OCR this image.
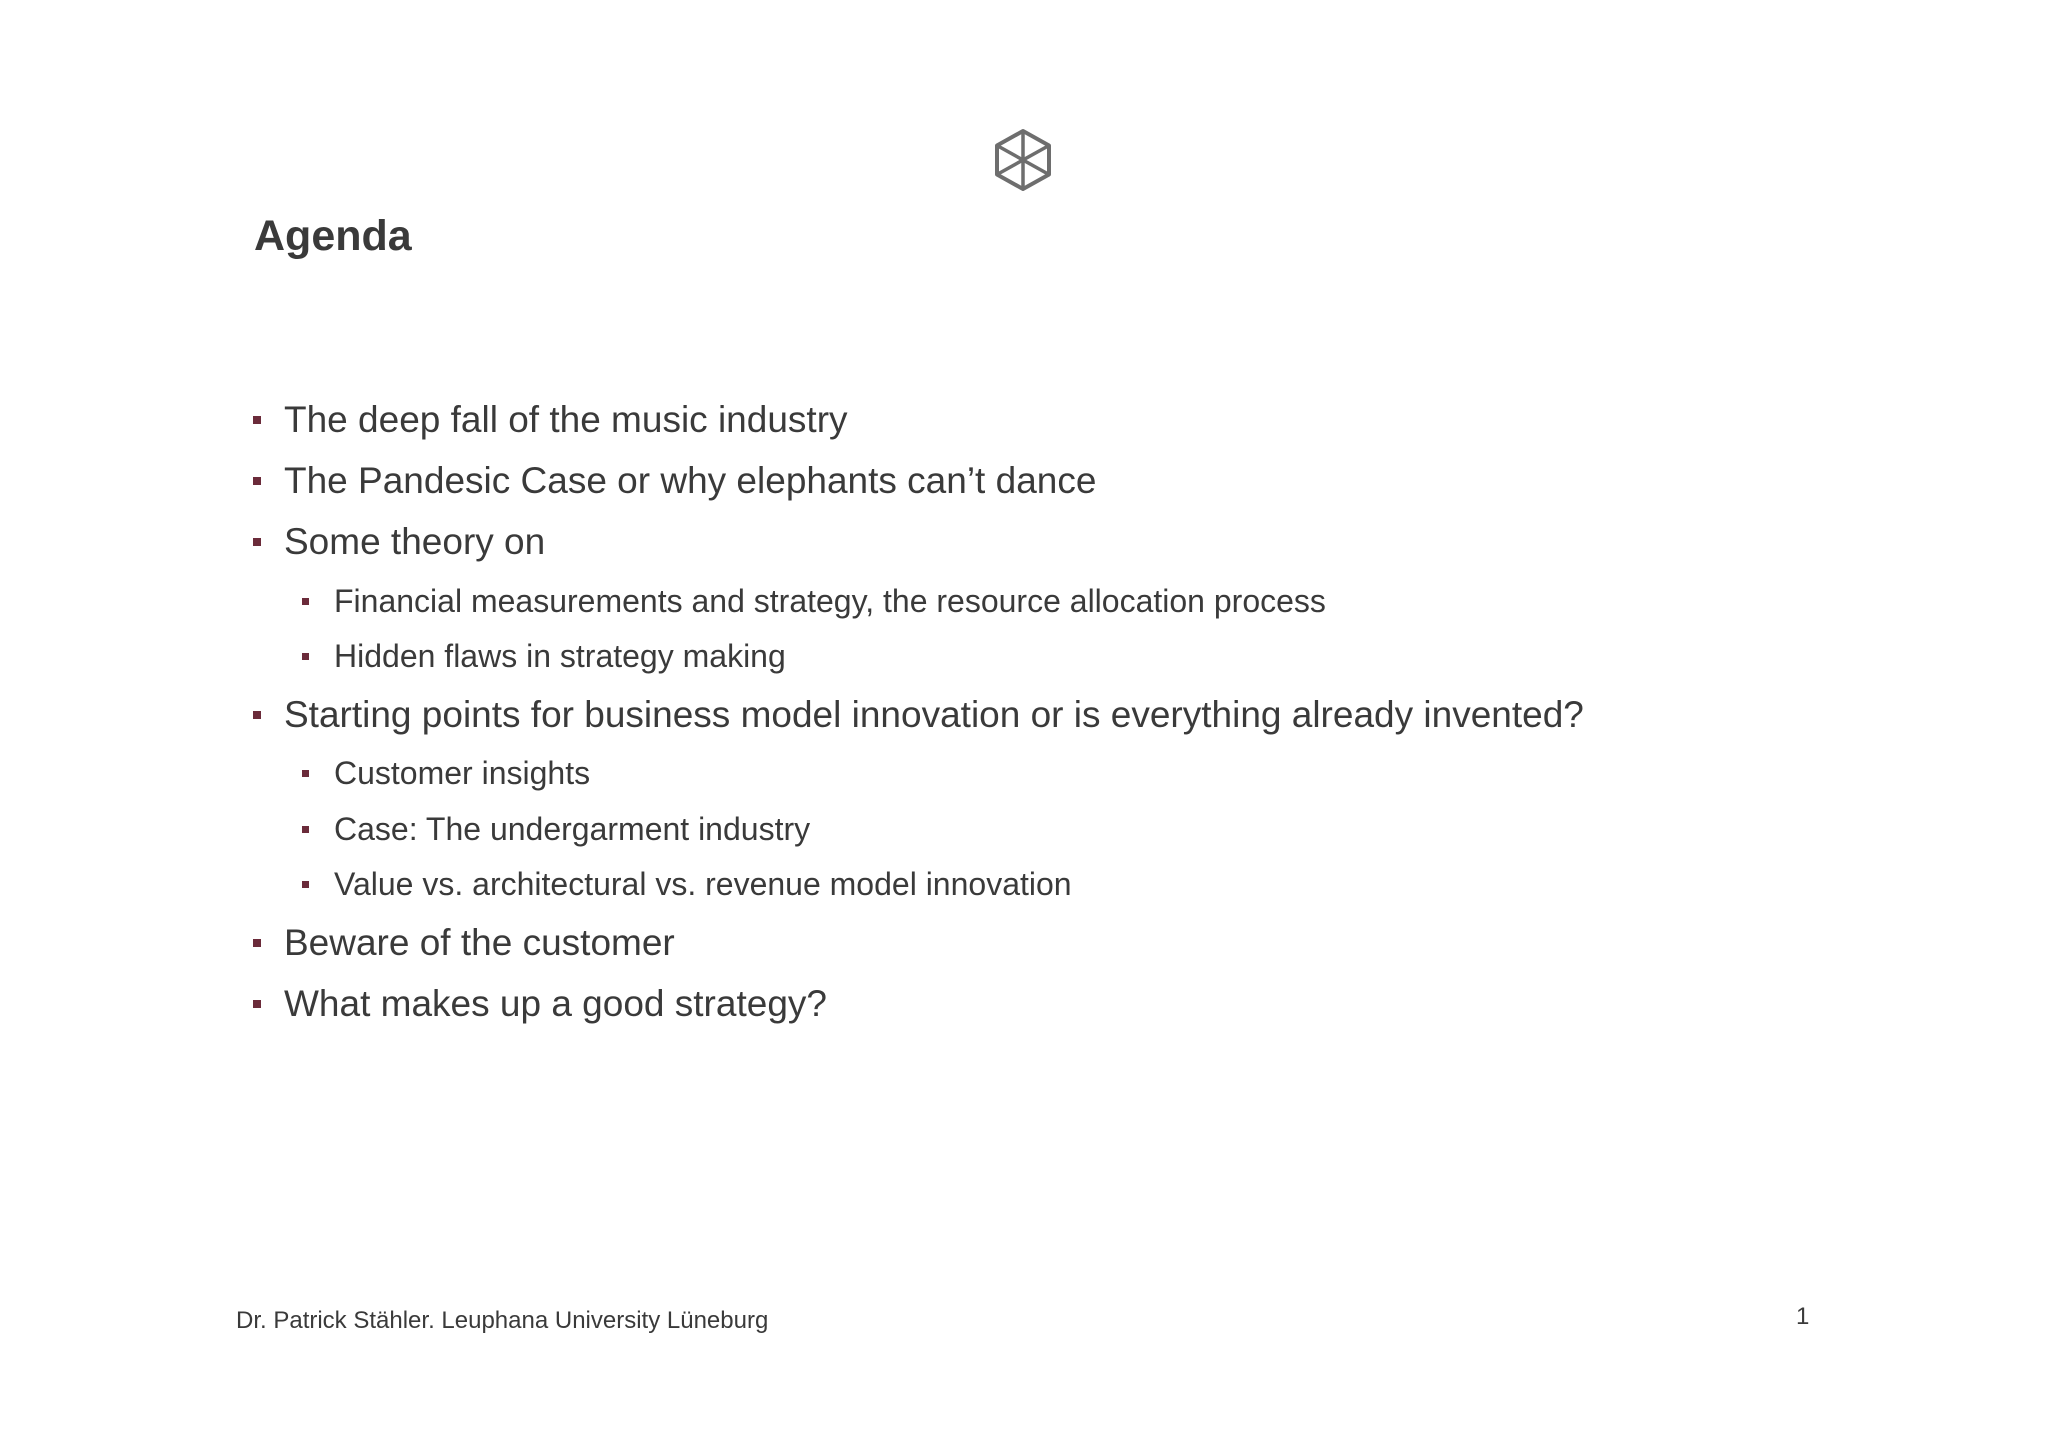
Agenda
The deep fall of the music industry
The Pandesic Case or why elephants can’t dance
Some theory on
Financial measurements and strategy, the resource allocation process
Hidden flaws in strategy making
Starting points for business model innovation or is everything already invented?
Customer insights
Case: The undergarment industry
Value vs. architectural vs. revenue model innovation
Beware of the customer
What makes up a good strategy?
Dr. Patrick Stähler. Leuphana University Lüneburg	1
